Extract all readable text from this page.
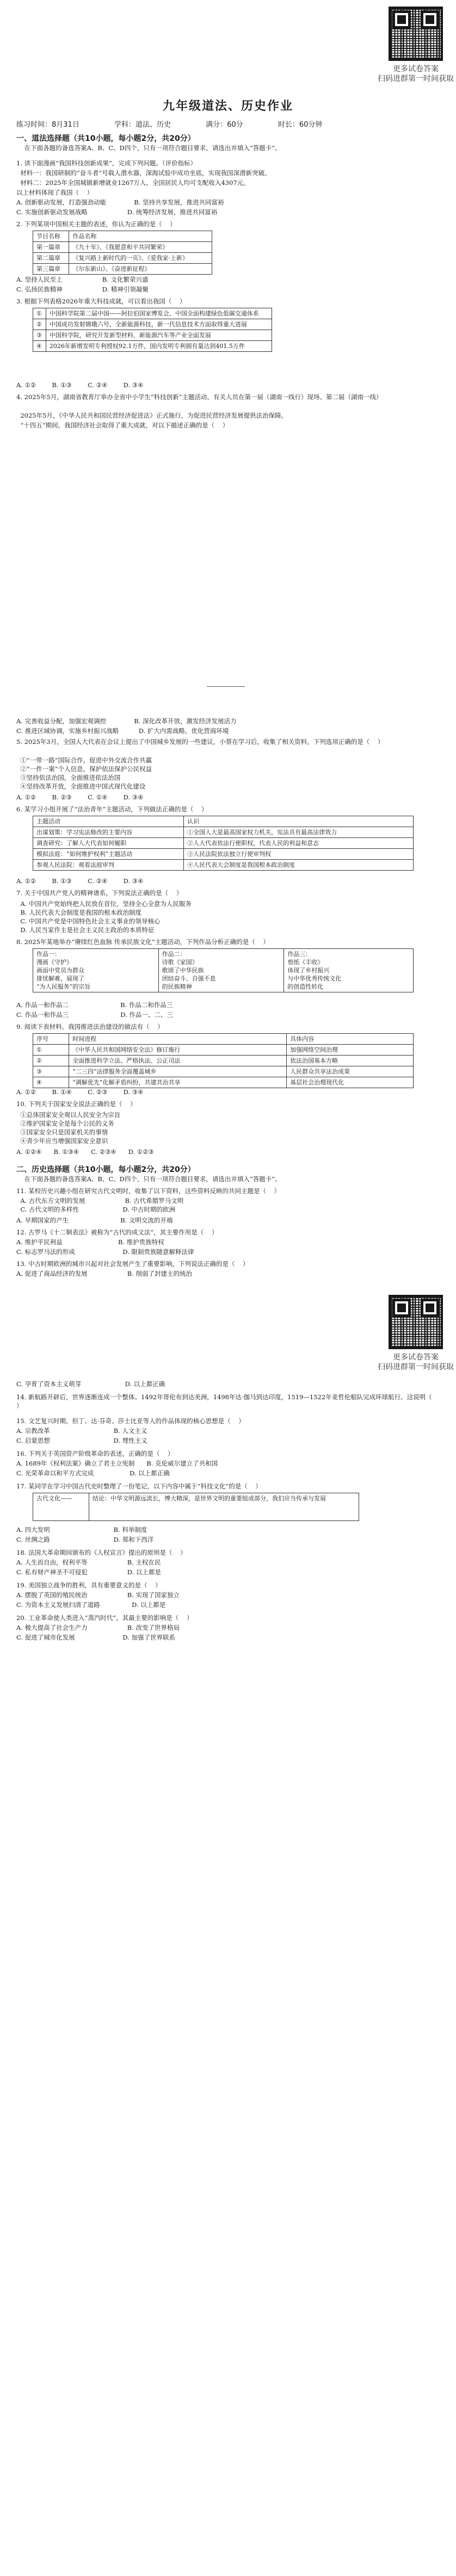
更多试卷答案
扫码进群第一时间获取
九年级道法、历史作业
练习时间：8月31日	学科：道法、历史	满分：60分	时长：60分钟
一、道法选择题（共10小题，每小题2分，共20分）
在下面各题的备选答案A、B、C、D四个，只有一项符合题目要求，请选出并填入“答题卡”。
1. 读下面漫画“我国科技创新成果”，完成下列问题。（评价指标）
材料一：我国研制的“奋斗者”号载人潜水器，深海试验中成功坐底，实现我国深潜新突破。
材料二：2025年全国城镇新增就业1267万人，全国居民人均可支配收入4307元。
以上材料体现了我国（    ）
A. 创新驱动发展，打造强劲动能              B. 坚持共享发展，推进共同富裕
C. 实施创新驱动发展战略                    D. 统筹经济发展，推进共同富裕
2. 下列某项中国相关主题的表述，你认为正确的是（    ）
节目名称	作品名称
第一篇章	《九十年》、《我愿意和平共同繁荣》
第二篇章	《复兴路上新时代的一页》、《爱我家·上新》
第三篇章	《尔东新山》、《奋进新征程》
A. 坚持人民至上                    B. 文化繁荣兴盛
C. 弘扬民族精神                    D. 精神引领凝聚
3. 根据下列表格2026年重大科技成就，可以看出我国（    ）
①	中国科学院第二届中国——阿拉伯国家博览会，中国全面构建绿色低碳交通体系
②	中国成功发射嫦娥六号，全新能源科技，新一代信息技术方面取得重大进展
③	中国科学院，研究开发新型材料、新能源汽车等产业全面发展
④	2026年新增发明专利授权92.1万件，国内发明专利拥有量达到401.5万件
A. ①②        B. ①③        C. ②④        D. ③④
4. 2025年5月，湖南省教育厅举办全省中小学生“科技创新”主题活动，有关人员在第一届（湖南一线行）现场、第二届（湖南一线）
2025年5月，《中华人民共和国民营经济促进法》正式施行，为促进民营经济发展提供法治保障。
“十四五”期间，我国经济社会取得了重大成就，对以下描述正确的是（    ）
A. 完善收益分配，加强宏观调控              B. 深化改革开放，激发经济发展活力
C. 推进区域协调，实施乡村振兴战略          D. 扩大内需战略，优化营商环境
5. 2025年3月，全国人大代表在会议上提出了中国城乡发展的一些建议，小蔡在学习后，收集了相关资料，下列选项正确的是（    ）
①“一带一路”国际合作，促进中外交流合作共赢
②“一件一案”个人信息，保护依法保护公民权益
③坚持依法治国，全面推进依法治国
④坚持改革开放，全面推进中国式现代化建设
A. ①②        B. ②③        C. ①④        D. ③④
6. 某学习小组开展了“法治青年”主题活动，下列做法正确的是（    ）
主题活动	认识
出谋划策：学习宪法修改的主要内容	①全国人大是最高国家权力机关，宪法具有最高法律效力
调查研究：了解人大代表如何履职	②人大代表依法行使职权，代表人民的利益和意志
模拟法庭：“如何维护权利”主题活动	③人民法院依法独立行使审判权
参观人民法院：观看法庭审判	④人民代表大会制度是我国根本政治制度
A. ①②        B. ①③        C. ②④        D. ③④
7. 关于中国共产党人的精神谱系，下列说法正确的是（    ）
A. 中国共产党始终把人民放在首位，坚持全心全意为人民服务
B. 人民代表大会制度是我国的根本政治制度
C. 中国共产党是中国特色社会主义事业的领导核心
D. 人民当家作主是社会主义民主政治的本质特征
8. 2025年某地举办“赓续红色血脉 传承民族文化”主题活动，下列作品分析正确的是（    ）
作品一：
漫画《守护》
画面中党员为群众
排忧解难，展现了
“为人民服务”的宗旨	作品二：
诗歌《家国》
歌颂了中华民族
团结奋斗、自强不息
的民族精神	作品三：
剪纸《丰收》
体现了乡村振兴
与中华优秀传统文化
的创造性转化
A. 作品一和作品二                          B. 作品二和作品三
C. 作品一和作品三                          D. 作品一、二、三
9. 阅读下表材料，我国推进法治建设的做法有（    ）
序号	时间进程	具体内容
①	《中华人民共和国网络安全法》修订施行	加强网络空间治理
②	全面推进科学立法、严格执法、公正司法	依法治国基本方略
③	“二三四”法律服务全面覆盖城乡	人民群众共享法治成果
④	“调解优先”化解矛盾纠纷，共建共治共享	基层社会治理现代化
A. ①②        B. ①④        C. ②③        D. ③④
10. 下列关于国家安全说法正确的是（    ）
①总体国家安全观以人民安全为宗旨
②维护国家安全是每个公民的义务
③国家安全只是国家机关的事情
④青少年应当增强国家安全意识
A. ①②④      B. ①③④      C. ②③④      D. ①②③
二、历史选择题（共10小题，每小题2分，共20分）
在下面各题的备选答案A、B、C、D四个，只有一项符合题目要求，请选出并填入“答题卡”。
11. 某校历史兴趣小组在研究古代文明时，收集了以下资料，这些资料反映的共同主题是（    ）
A. 古代东方文明的发展                    B. 古代希腊罗马文明
C. 古代文明的多样性                      D. 中古时期的欧洲
A. 早期国家的产生                          B. 文明交流的开端
12. 古罗马《十二铜表法》被称为“古代的成文法”，其主要作用是（    ）
A. 维护平民利益                            B. 维护贵族特权
C. 标志罗马法的形成                        D. 限制贵族随意解释法律
13. 中古时期欧洲的城市兴起对社会发展产生了重要影响，下列说法正确的是（    ）
A. 促进了商品经济的发展                    B. 削弱了封建主的统治
更多试卷答案
扫码进群第一时间获取
C. 孕育了资本主义萌芽                      D. 以上都正确
14. 新航路开辟后，世界逐渐连成一个整体。1492年哥伦布到达美洲，1498年达·伽马到达印度，1519—1522年麦哲伦船队完成环球航行。这说明（    ）
15. 文艺复兴时期，但丁、达·芬奇、莎士比亚等人的作品体现的核心思想是（    ）
A. 宗教改革                                B. 人文主义
C. 启蒙思想                                D. 理性主义
16. 下列关于英国资产阶级革命的表述，正确的是（    ）
A. 1689年《权利法案》确立了君主立宪制      B. 克伦威尔建立了共和国
C. 光荣革命以和平方式完成                  D. 以上都正确
17. 某同学在学习中国古代史时整理了一份笔记，以下内容中属于“科技文化”的是（    ）
古代文化——	结论：中华文明源远流长，博大精深，是世界文明的重要组成部分，我们应当传承与发展
A. 四大发明                                B. 科举制度
C. 丝绸之路                                D. 郑和下西洋
18. 法国大革命期间颁布的《人权宣言》提出的原则是（    ）
A. 人生而自由，权利平等                    B. 主权在民
C. 私有财产神圣不可侵犯                    D. 以上都是
19. 美国独立战争的胜利，具有重要意义的是（    ）
A. 摆脱了英国的殖民统治                    B. 实现了国家独立
C. 为资本主义发展扫清了道路                D. 以上都是
20. 工业革命使人类进入“蒸汽时代”，其最主要的影响是（    ）
A. 极大提高了社会生产力                    B. 改变了世界格局
C. 促进了城市化发展                        D. 加强了世界联系
